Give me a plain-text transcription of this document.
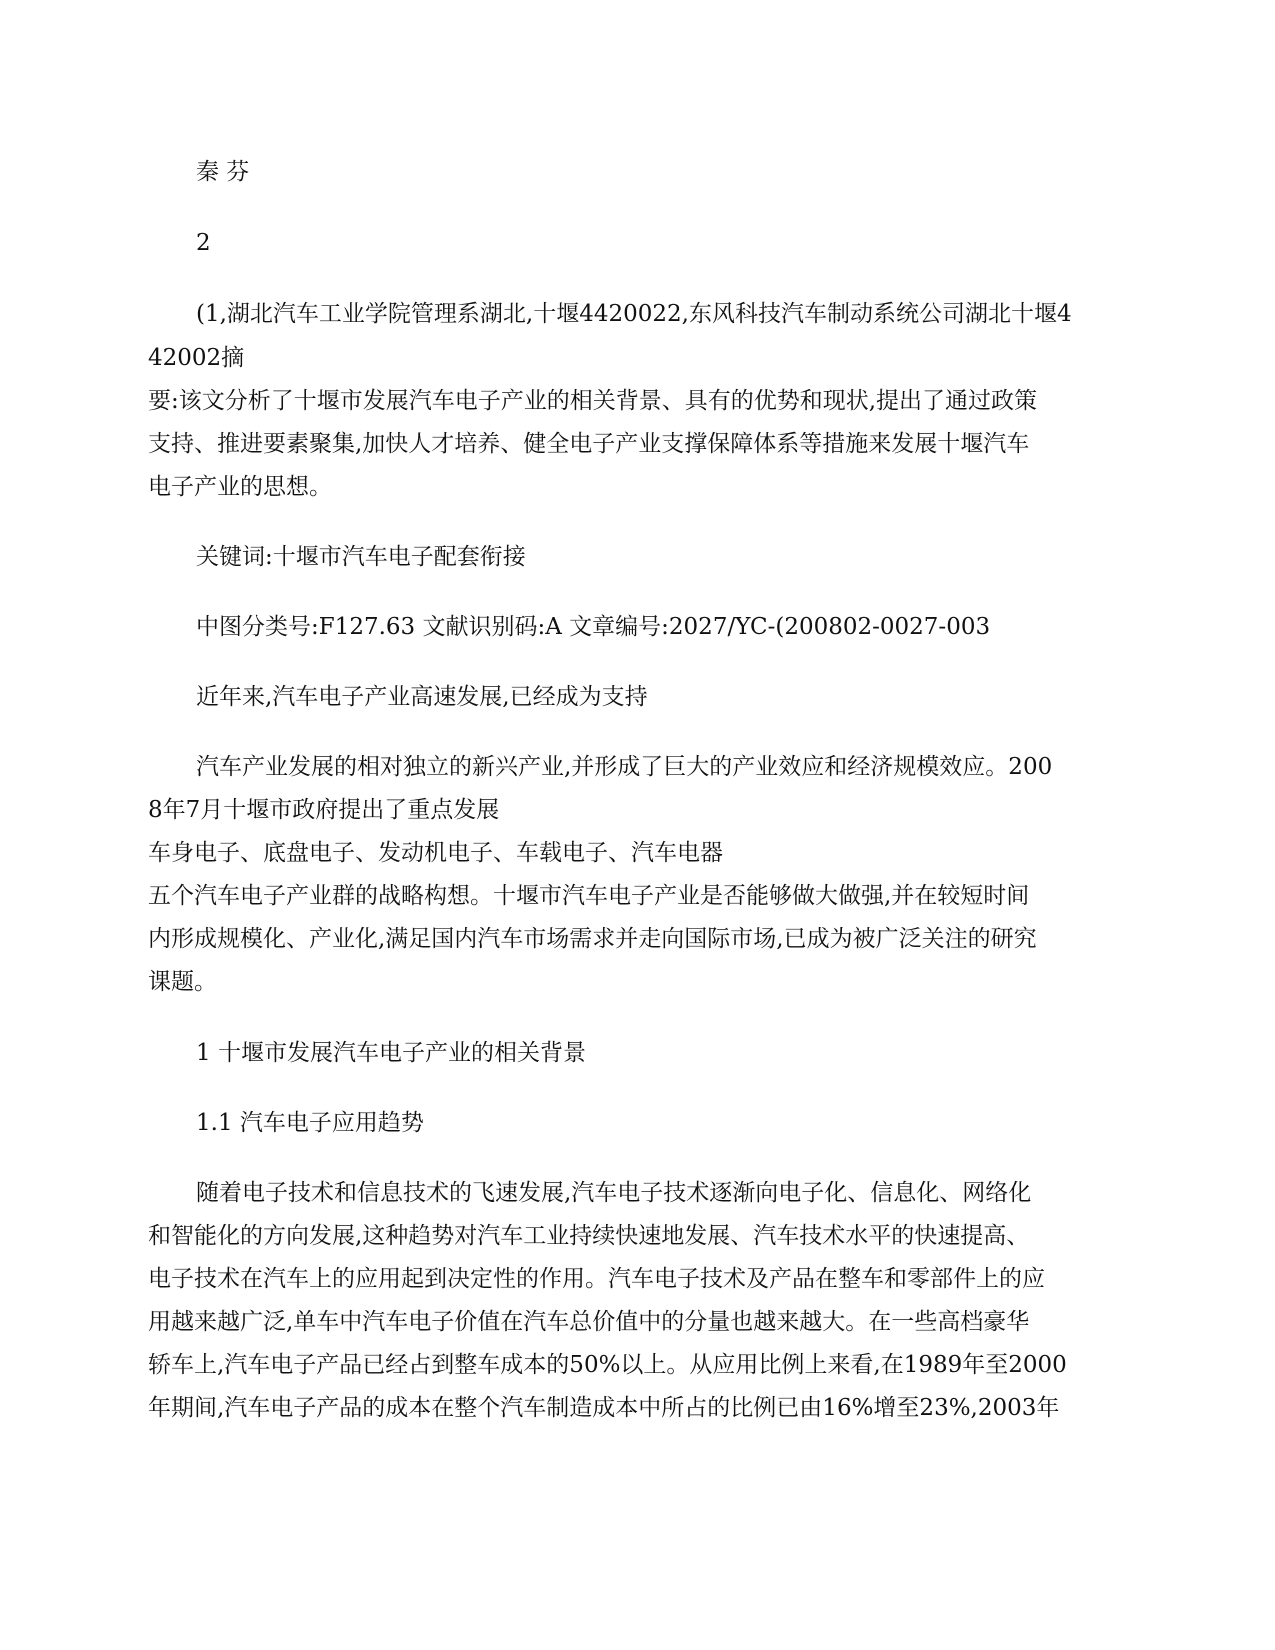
秦 芬
2
(1,湖北汽车工业学院管理系湖北,十堰4420022,东风科技汽车制动系统公司湖北十堰4
42002摘
要:该文分析了十堰市发展汽车电子产业的相关背景、具有的优势和现状,提出了通过政策
支持、推进要素聚集,加快人才培养、健全电子产业支撑保障体系等措施来发展十堰汽车
电子产业的思想。
关键词:十堰市汽车电子配套衔接
中图分类号:F127.63 文献识别码:A 文章编号:2027/YC-(200802-0027-003
近年来,汽车电子产业高速发展,已经成为支持
汽车产业发展的相对独立的新兴产业,并形成了巨大的产业效应和经济规模效应。200
8年7月十堰市政府提出了重点发展
车身电子、底盘电子、发动机电子、车载电子、汽车电器
五个汽车电子产业群的战略构想。十堰市汽车电子产业是否能够做大做强,并在较短时间
内形成规模化、产业化,满足国内汽车市场需求并走向国际市场,已成为被广泛关注的研究
课题。
1 十堰市发展汽车电子产业的相关背景
1.1 汽车电子应用趋势
随着电子技术和信息技术的飞速发展,汽车电子技术逐渐向电子化、信息化、网络化
和智能化的方向发展,这种趋势对汽车工业持续快速地发展、汽车技术水平的快速提高、
电子技术在汽车上的应用起到决定性的作用。汽车电子技术及产品在整车和零部件上的应
用越来越广泛,单车中汽车电子价值在汽车总价值中的分量也越来越大。在一些高档豪华
轿车上,汽车电子产品已经占到整车成本的50%以上。从应用比例上来看,在1989年至2000
年期间,汽车电子产品的成本在整个汽车制造成本中所占的比例已由16%增至23%,2003年
